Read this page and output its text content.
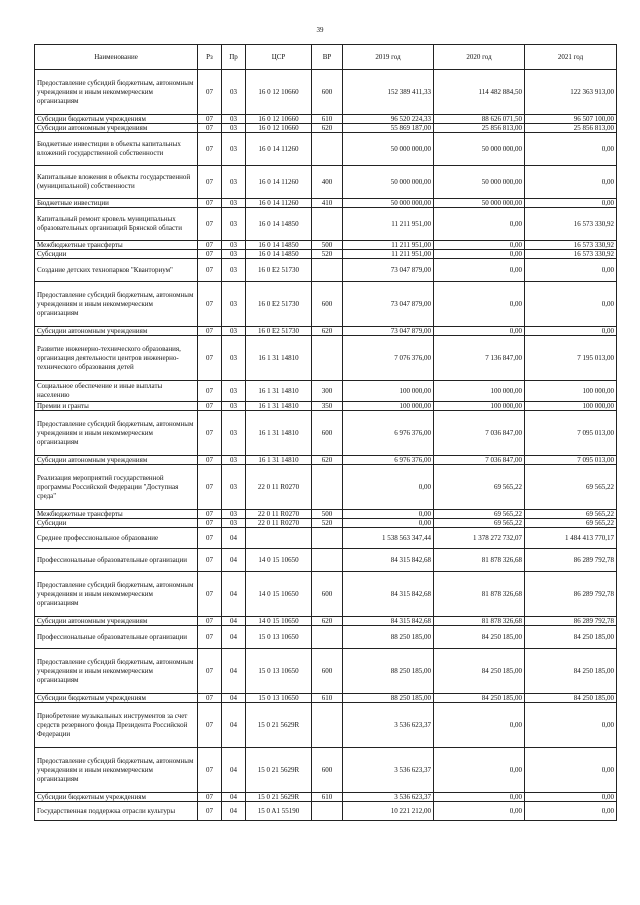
39
Наименование	Рз	Пр	ЦСР	ВР	2019 год	2020 год	2021 год
Предоставление субсидий бюджетным, автономным учреждениям и иным некоммерческим организациям	07	03	16 0 12 10660	600	152 389 411,33	114 482 884,50	122 363 913,00
Субсидии бюджетным учреждениям	07	03	16 0 12 10660	610	96 520 224,33	88 626 071,50	96 507 100,00
Субсидии автономным учреждениям	07	03	16 0 12 10660	620	55 869 187,00	25 856 813,00	25 856 813,00
Бюджетные инвестиции в объекты капитальных вложений государственной собственности	07	03	16 0 14 11260		50 000 000,00	50 000 000,00	0,00
Капитальные вложения в объекты государственной (муниципальной) собственности	07	03	16 0 14 11260	400	50 000 000,00	50 000 000,00	0,00
Бюджетные инвестиции	07	03	16 0 14 11260	410	50 000 000,00	50 000 000,00	0,00
Капитальный ремонт кровель муниципальных образовательных организаций Брянской области	07	03	16 0 14 14850		11 211 951,00	0,00	16 573 330,92
Межбюджетные трансферты	07	03	16 0 14 14850	500	11 211 951,00	0,00	16 573 330,92
Субсидии	07	03	16 0 14 14850	520	11 211 951,00	0,00	16 573 330,92
Создание детских технопарков "Кванториум"	07	03	16 0 E2 51730		73 047 879,00	0,00	0,00
Предоставление субсидий бюджетным, автономным учреждениям и иным некоммерческим организациям	07	03	16 0 E2 51730	600	73 047 879,00	0,00	0,00
Субсидии автономным учреждениям	07	03	16 0 E2 51730	620	73 047 879,00	0,00	0,00
Развитие инженерно-технического образования, организация деятельности центров инженерно-технического образования детей	07	03	16 1 31 14810		7 076 376,00	7 136 847,00	7 195 013,00
Социальное обеспечение и иные выплаты населению	07	03	16 1 31 14810	300	100 000,00	100 000,00	100 000,00
Премии и гранты	07	03	16 1 31 14810	350	100 000,00	100 000,00	100 000,00
Предоставление субсидий бюджетным, автономным учреждениям и иным некоммерческим организациям	07	03	16 1 31 14810	600	6 976 376,00	7 036 847,00	7 095 013,00
Субсидии автономным учреждениям	07	03	16 1 31 14810	620	6 976 376,00	7 036 847,00	7 095 013,00
Реализация мероприятий государственной программы Российской Федерации "Доступная среда"	07	03	22 0 11 R0270		0,00	69 565,22	69 565,22
Межбюджетные трансферты	07	03	22 0 11 R0270	500	0,00	69 565,22	69 565,22
Субсидии	07	03	22 0 11 R0270	520	0,00	69 565,22	69 565,22
Среднее профессиональное образование	07	04			1 538 563 347,44	1 378 272 732,07	1 484 413 770,17
Профессиональные образовательные организации	07	04	14 0 15 10650		84 315 842,68	81 878 326,68	86 289 792,78
Предоставление субсидий бюджетным, автономным учреждениям и иным некоммерческим организациям	07	04	14 0 15 10650	600	84 315 842,68	81 878 326,68	86 289 792,78
Субсидии автономным учреждениям	07	04	14 0 15 10650	620	84 315 842,68	81 878 326,68	86 289 792,78
Профессиональные образовательные организации	07	04	15 0 13 10650		88 250 185,00	84 250 185,00	84 250 185,00
Предоставление субсидий бюджетным, автономным учреждениям и иным некоммерческим организациям	07	04	15 0 13 10650	600	88 250 185,00	84 250 185,00	84 250 185,00
Субсидии бюджетным учреждениям	07	04	15 0 13 10650	610	88 250 185,00	84 250 185,00	84 250 185,00
Приобретение музыкальных инструментов за счет средств резервного фонда Президента Российской Федерации	07	04	15 0 21 5629R		3 536 623,37	0,00	0,00
Предоставление субсидий бюджетным, автономным учреждениям и иным некоммерческим организациям	07	04	15 0 21 5629R	600	3 536 623,37	0,00	0,00
Субсидии бюджетным учреждениям	07	04	15 0 21 5629R	610	3 536 623,37	0,00	0,00
Государственная поддержка отрасли культуры	07	04	15 0 A1 55190		10 221 212,00	0,00	0,00
